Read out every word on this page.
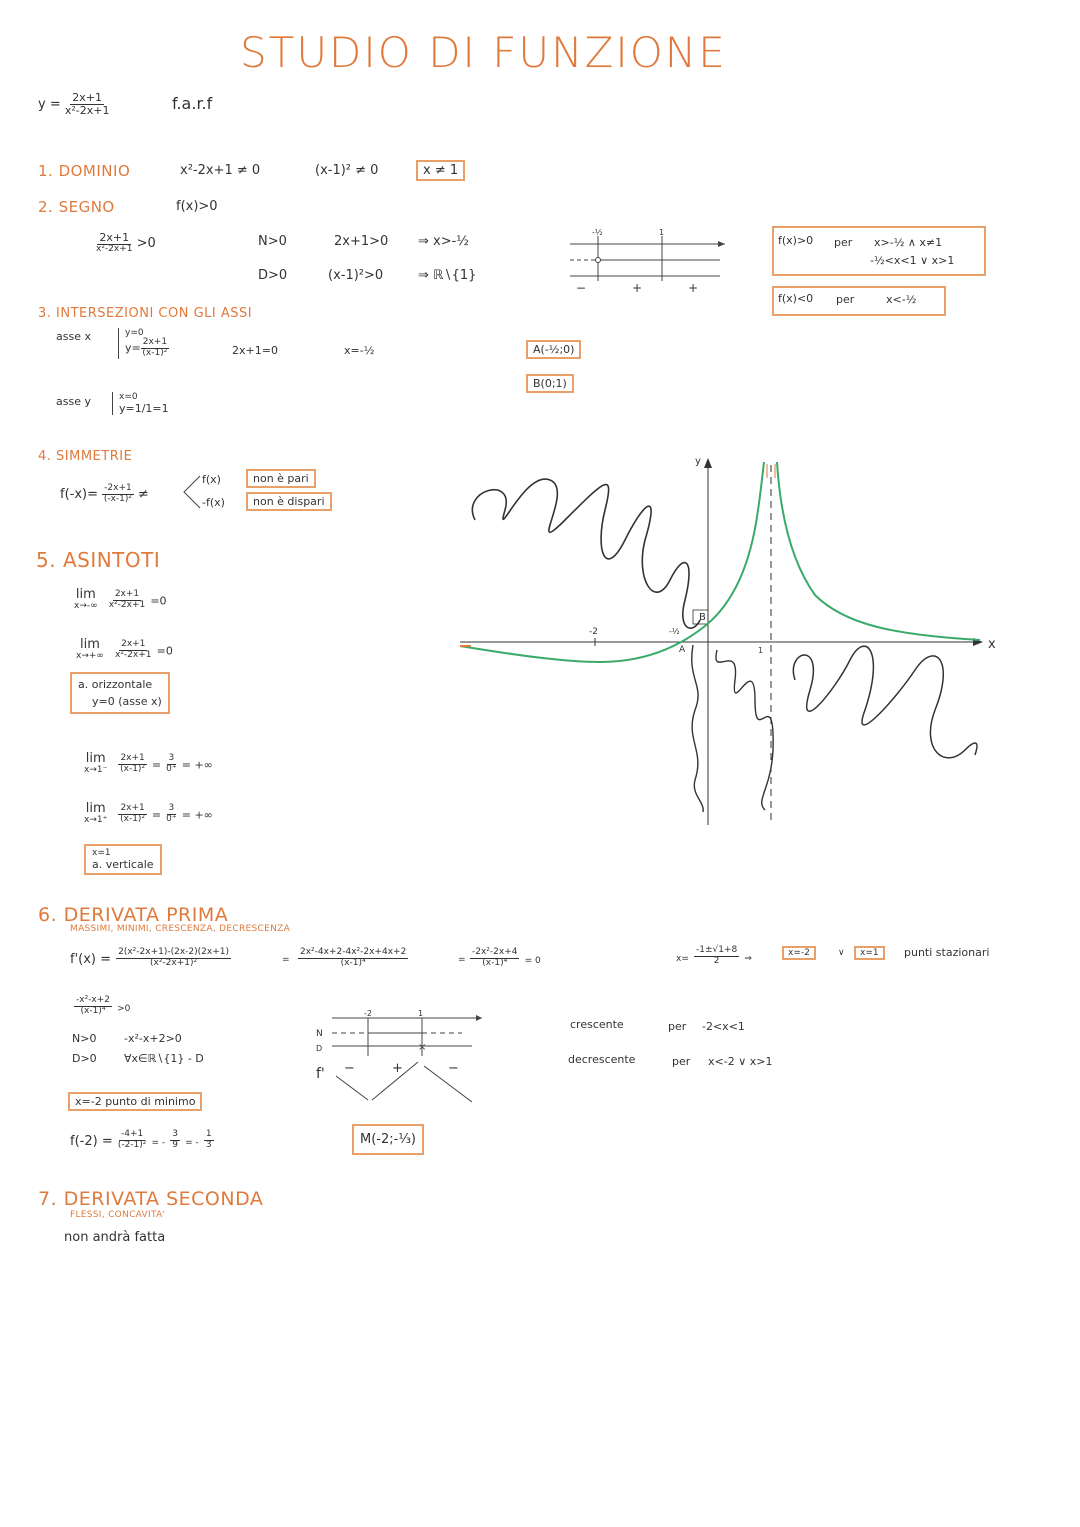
STUDIO DI FUNZIONE
$y = \frac{2x+1}{\text{x²-2x+1}}$	f.a.r.f
1. DOMINIO	x²-2x+1 ≠ 0	(x-1)² ≠ 0	x ≠ 1
2. SEGNO	f(x)>0
$\frac{2x+1}{\text{x²-2x+1}} >0$	N>0	2x+1>0 ⇒ x>-½
D>0	(x-1)²>0	⇒ ℝ∖{1}
-½	1
−	+	+
f(x)>0 per x>-½ ∧ x≠1
-½<x<1 ∨ x>1
f(x)<0 per	x<-½
3. INTERSEZIONI CON GLI ASSI
asse x	y=0
$y= \frac{2x+1}{\text{(x-1)²}}$	2x+1=0	x=-½	A(-½;0)
B(0;1)
asse y	x=0
y=1/1=1
4. SIMMETRIE
$f(-x)= \frac{-2x+1}{\text{(-x-1)²}}$ ≠
f(x)
-f(x)
non è pari
non è dispari
5. ASINTOTI
lim
x→-∞
$\frac{2x+1}{\text{x²-2x+1}} =0$
lim
x→+∞
$\frac{2x+1}{\text{x²-2x+1}} =0$
a. orizzontale
y=0 (asse x)
lim
x→1⁻
$\frac{2x+1}{\text{(x-1)²}} = \frac{3}{0^+}$ = +∞
lim
x→1⁺
$\frac{2x+1}{\text{(x-1)²}} = \frac{3}{0^+}$ = +∞
x=1
a. verticale
x
y
-2	-½
1
A
B
6. DERIVATA PRIMA
MASSIMI, MINIMI, CRESCENZA, DECRESCENZA
$f'(x) = \frac{\text{2(x²-2x+1)-(2x-2)(2x+1)}}{\text{(x²-2x+1)²}}$	= $\frac{\text{2x²-4x+2-4x²-2x+4x+2}}{\text{(x-1)⁴}}$	= $\frac{\text{-2x²-2x+4}}{\text{(x-1)⁴}} = 0$	$x= \frac{-1\pm√1+8}{2}$ ⇒
x=-2	∨	x=1	punti stazionari
$\frac{\text{-x²-x+2}}{\text{(x-1)⁴}} >0$
N>0	-x²-x+2>0
D>0 ∀x∈ℝ∖{1} - D
N
D
f'
-2	1
×
−	+	−
crescente	per -2<x<1
decrescente	per x<-2 ∨ x>1
x=-2 punto di minimo
$f(-2) = \frac{-4+1}{\text{(-2-1)²}}$ = - $\frac{3}{9}$ = - $\frac{1}{3}$	M(-2;-⅓)
7. DERIVATA SECONDA
FLESSI, CONCAVITA'
non andrà fatta
